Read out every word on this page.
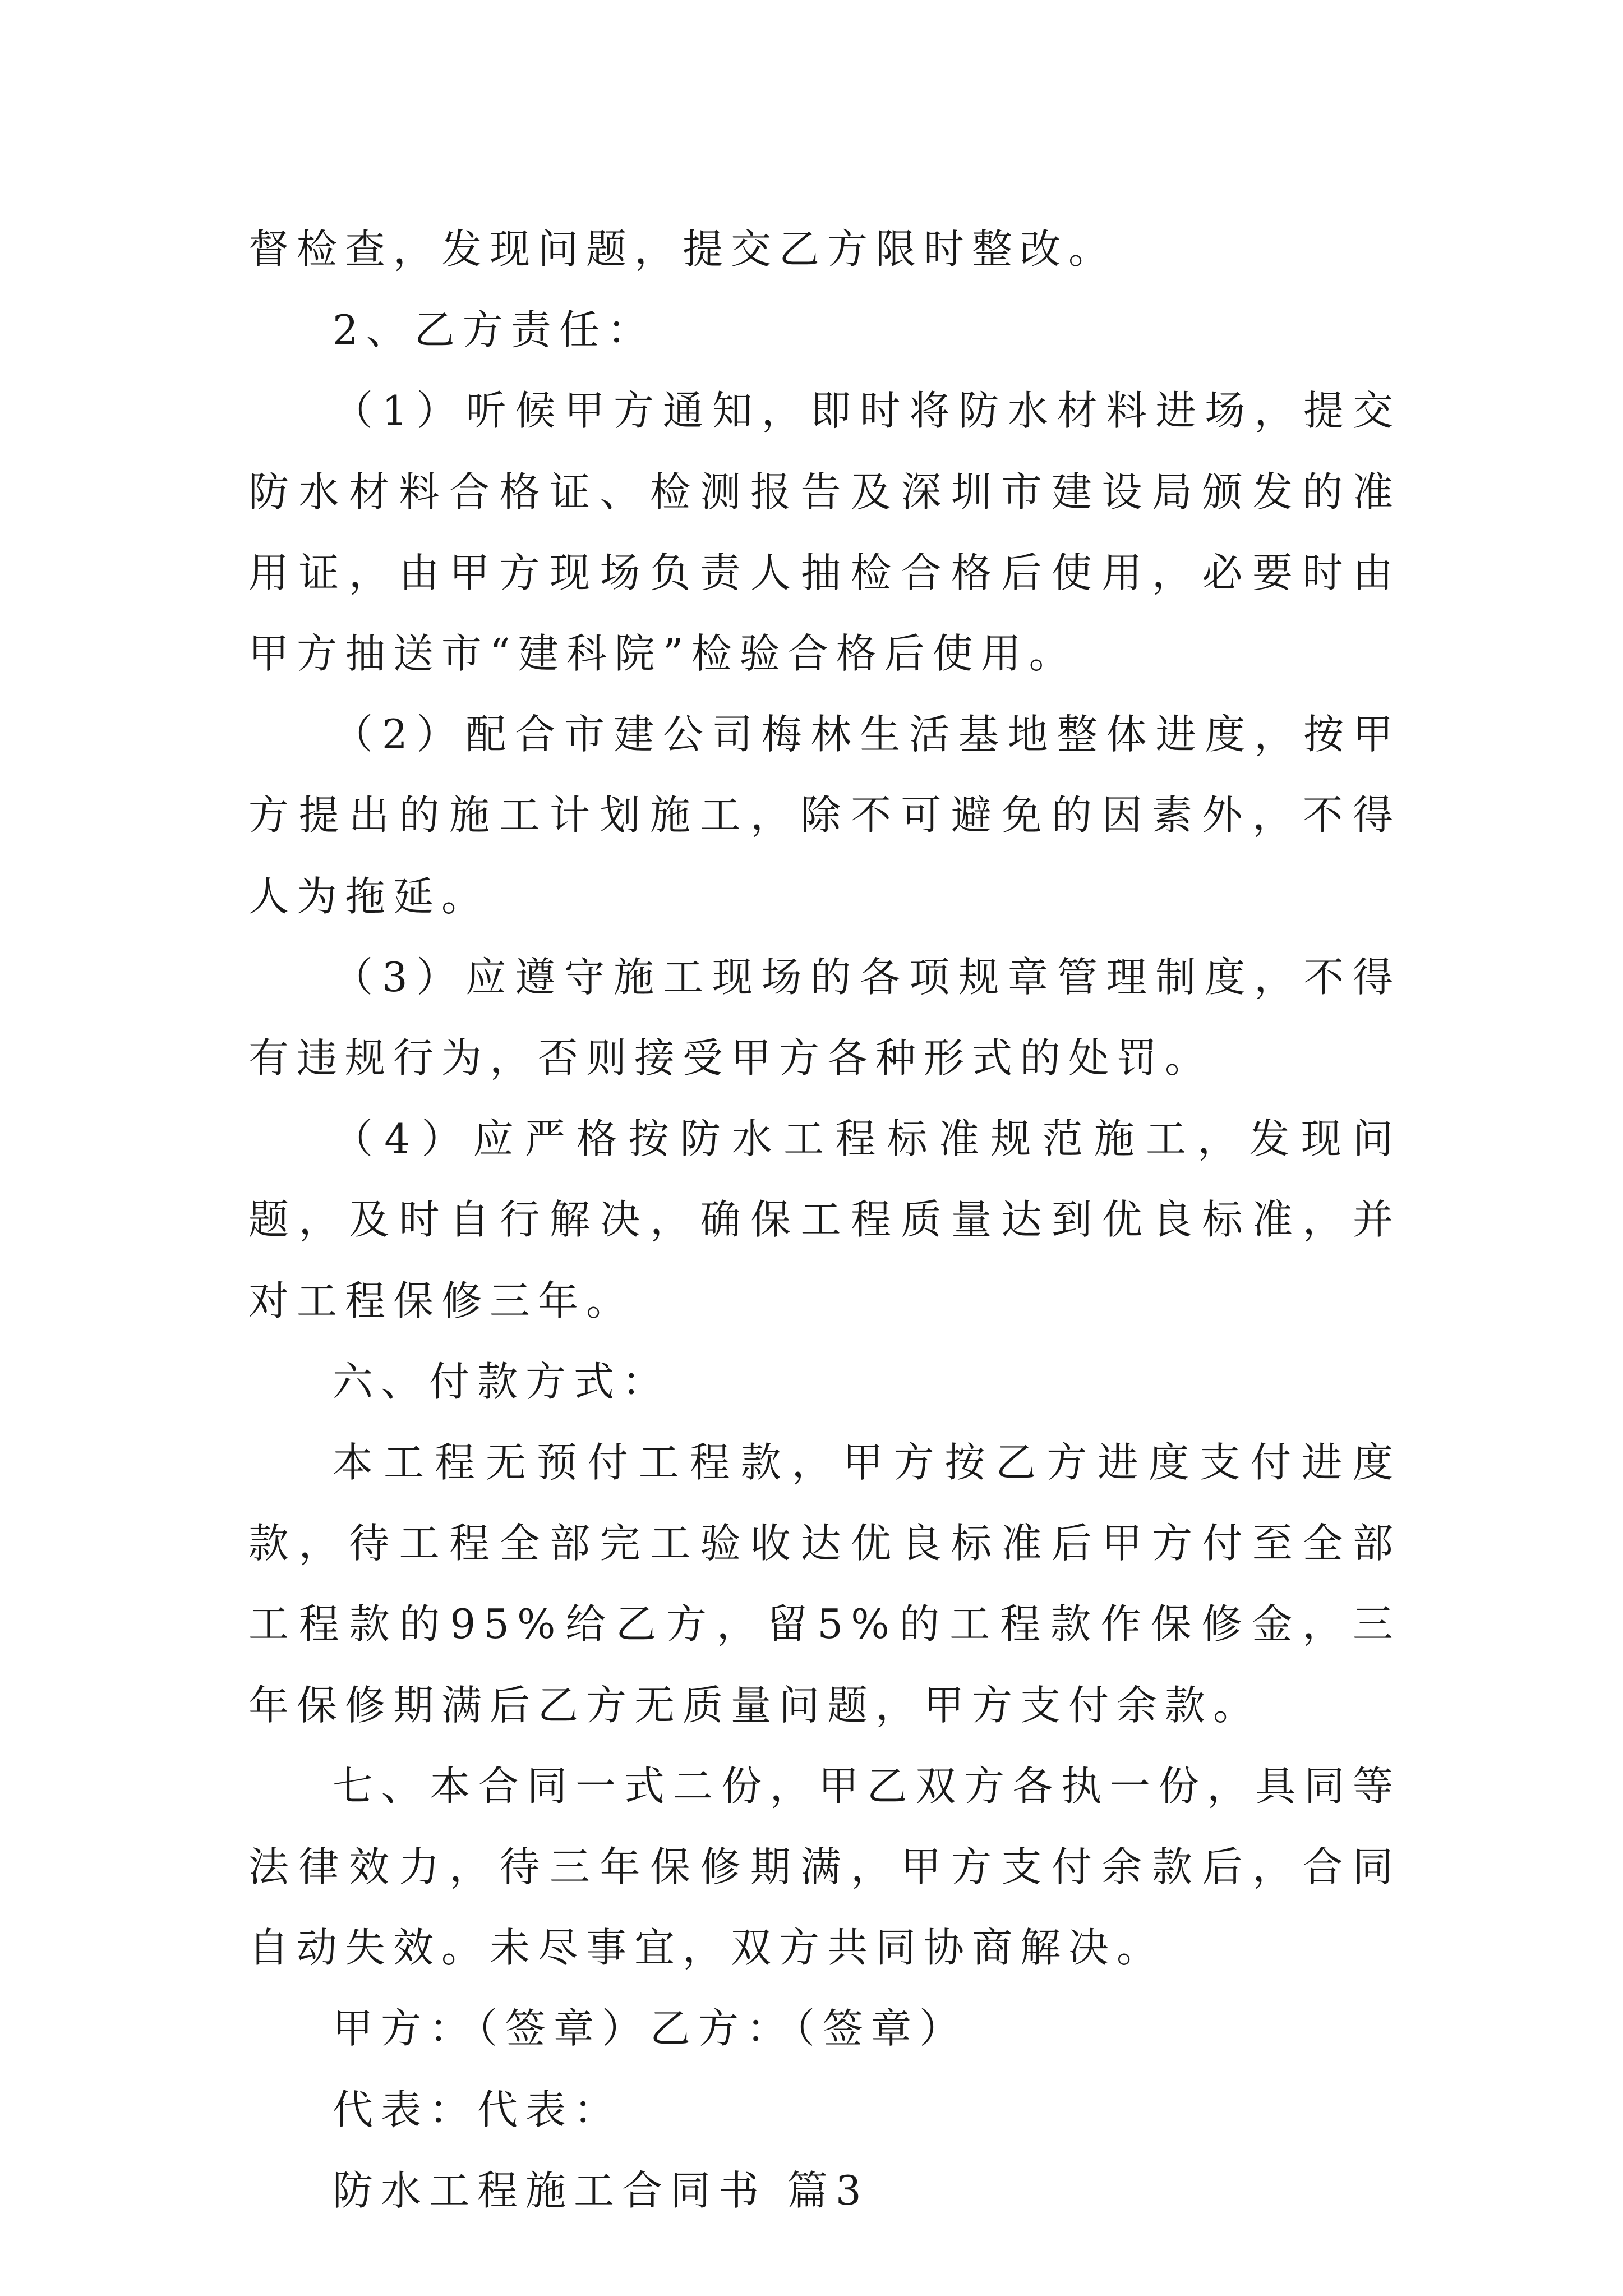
督检查，发现问题，提交乙方限时整改。

2、乙方责任：

（1）听候甲方通知，即时将防水材料进场，提交防水材料合格证、检测报告及深圳市建设局颁发的准用证，由甲方现场负责人抽检合格后使用，必要时由甲方抽送市“建科院”检验合格后使用。

（2）配合市建公司梅林生活基地整体进度，按甲方提出的施工计划施工，除不可避免的因素外，不得人为拖延。

（3）应遵守施工现场的各项规章管理制度，不得有违规行为，否则接受甲方各种形式的处罚。

（4）应严格按防水工程标准规范施工，发现问题，及时自行解决，确保工程质量达到优良标准，并对工程保修三年。

六、付款方式：

本工程无预付工程款，甲方按乙方进度支付进度款，待工程全部完工验收达优良标准后甲方付至全部工程款的95%给乙方，留5%的工程款作保修金，三年保修期满后乙方无质量问题，甲方支付余款。

七、本合同一式二份，甲乙双方各执一份，具同等法律效力，待三年保修期满，甲方支付余款后，合同自动失效。未尽事宜，双方共同协商解决。

甲方：（签章）乙方：（签章）

代表：代表：

防水工程施工合同书 篇3
